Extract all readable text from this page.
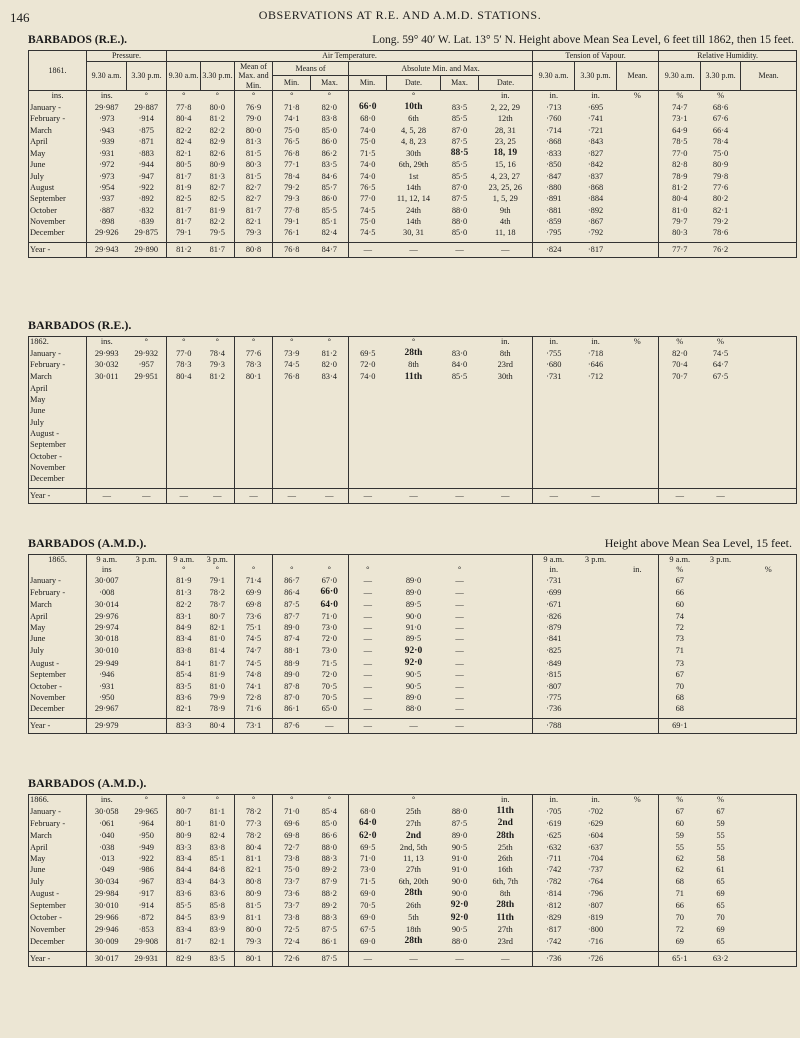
146	OBSERVATIONS AT R.E. AND A.M.D. STATIONS.
BARBADOS (R.E.).	Long. 59° 40′ W. Lat. 13° 5′ N. Height above Mean Sea Level, 6 feet till 1862, then 15 feet.
1861.	Pressure.		Air Temperature.									Tension of Vapour.			Relative Humidity.		
	9.30 a.m.	3.30 p.m.	9.30 a.m.	3.30 p.m.	Mean of Max. and Min.	Means of		Absolute Min. and Max.				9.30 a.m.	3.30 p.m.	Mean.	9.30 a.m.	3.30 p.m.	Mean.
						Min.	Max.	Min.	Date.	Max.	Date.						
ins.	ins.	°	°	°	°	°	°		°		in.	in.	in.	%	%	%	
January -	29·987	29·887	77·8	80·0	76·9	71·8	82·0	66·0	10th	83·5	2, 22, 29	·713	·695		74·7	68·6	
February -	·973	·914	80·4	81·2	79·0	74·1	83·8	68·0	6th	85·5	12th	·760	·741		73·1	67·6	
March	·943	·875	82·2	82·2	80·0	75·0	85·0	74·0	4, 5, 28	87·0	28, 31	·714	·721		64·9	66·4	
April	·939	·871	82·4	82·9	81·3	76·5	86·0	75·0	4, 8, 23	87·5	23, 25	·868	·843		78·5	78·4	
May	·931	·883	82·1	82·6	81·5	76·8	86·2	71·5	30th	88·5	18, 19	·833	·827		77·0	75·0	
June	·972	·944	80·5	80·9	80·3	77·1	83·5	74·0	6th, 29th	85·5	15, 16	·850	·842		82·8	80·9	
July	·973	·947	81·7	81·3	81·5	78·4	84·6	74·0	1st	85·5	4, 23, 27	·847	·837		78·9	79·8	
August	·954	·922	81·9	82·7	82·7	79·2	85·7	76·5	14th	87·0	23, 25, 26	·880	·868		81·2	77·6	
September	·937	·892	82·5	82·5	82·7	79·3	86·0	77·0	11, 12, 14	87·5	1, 5, 29	·891	·884		80·4	80·2	
October	·887	·832	81·7	81·9	81·7	77·8	85·5	74·5	24th	88·0	9th	·881	·892		81·0	82·1	
November	·898	·839	81·7	82·2	82·1	79·1	85·1	75·0	14th	88·0	4th	·859	·867		79·7	79·2	
December	29·926	29·875	79·1	79·5	79·3	76·1	82·4	74·5	30, 31	85·0	11, 18	·795	·792		80·3	78·6	

Year -	29·943	29·890	81·2	81·7	80·8	76·8	84·7	—	—	—	—	·824	·817		77·7	76·2	
BARBADOS (R.E.).
1862.	ins.	°	°	°	°	°	°		°		in.	in.	in.	%	%	%	
January -	29·993	29·932	77·0	78·4	77·6	73·9	81·2	69·5	28th	83·0	8th	·755	·718		82·0	74·5	
February -	30·032	·957	78·3	79·3	78·3	74·5	82·0	72·0	8th	84·0	23rd	·680	·646		70·4	64·7	
March	30·011	29·951	80·4	81·2	80·1	76·8	83·4	74·0	11th	85·5	30th	·731	·712		70·7	67·5	
April																	
May																	
June																	
July																	
August -																	
September																	
October -																	
November																	
December																	

Year -	—	—	—	—	—	—	—	—	—	—	—	—	—		—	—	
BARBADOS (A.M.D.).	Height above Mean Sea Level, 15 feet.
1865.	9 a.m.	3 p.m.	9 a.m.	3 p.m.								9 a.m.	3 p.m.		9 a.m.	3 p.m.	
	ins		°	°	°	°	°	°		°		in.		in.	%		%
January -	30·007		81·9	79·1	71·4	86·7	67·0	—	89·0	—		·731			67		
February -	·008		81·3	78·2	69·9	86·4	66·0	—	89·0	—		·699			66		
March	30·014		82·2	78·7	69·8	87·5	64·0	—	89·5	—		·671			60		
April	29·976		83·1	80·7	73·6	87·7	71·0	—	90·0	—		·826			74		
May	29·974		84·9	82·1	75·1	89·0	73·0	—	91·0	—		·879			72		
June	30·018		83·4	81·0	74·5	87·4	72·0	—	89·5	—		·841			73		
July	30·010		83·8	81·4	74·7	88·1	73·0	—	92·0	—		·825			71		
August -	29·949		84·1	81·7	74·5	88·9	71·5	—	92·0	—		·849			73		
September	·946		85·4	81·9	74·8	89·0	72·0	—	90·5	—		·815			67		
October -	·931		83·5	81·0	74·1	87·8	70·5	—	90·5	—		·807			70		
November	·950		83·6	79·9	72·8	87·0	70·5	—	89·0	—		·775			68		
December	29·967		82·1	78·9	71·6	86·1	65·0	—	88·0	—		·736			68		

Year -	29·979		83·3	80·4	73·1	87·6	—	—	—	—		·788			69·1		
BARBADOS (A.M.D.).
1866.	ins.	°	°	°	°	°	°		°		in.	in.	in.	%	%	%	
January -	30·058	29·965	80·7	81·1	78·2	71·0	85·4	68·0	25th	88·0	11th	·705	·702		67	67	
February -	·061	·964	80·1	81·0	77·3	69·6	85·0	64·0	27th	87·5	2nd	·619	·629		60	59	
March	·040	·950	80·9	82·4	78·2	69·8	86·6	62·0	2nd	89·0	28th	·625	·604		59	55	
April	·038	·949	83·3	83·8	80·4	72·7	88·0	69·5	2nd, 5th	90·5	25th	·632	·637		55	55	
May	·013	·922	83·4	85·1	81·1	73·8	88·3	71·0	11, 13	91·0	26th	·711	·704		62	58	
June	·049	·986	84·4	84·8	82·1	75·0	89·2	73·0	27th	91·0	16th	·742	·737		62	61	
July	30·034	·967	83·4	84·3	80·8	73·7	87·9	71·5	6th, 20th	90·0	6th, 7th	·782	·764		68	65	
August -	29·984	·917	83·6	83·6	80·9	73·6	88·2	69·0	28th	90·0	8th	·814	·796		71	69	
September	30·010	·914	85·5	85·8	81·5	73·7	89·2	70·5	26th	92·0	28th	·812	·807		66	65	
October -	29·966	·872	84·5	83·9	81·1	73·8	88·3	69·0	5th	92·0	11th	·829	·819		70	70	
November	29·946	·853	83·4	83·9	80·0	72·5	87·5	67·5	18th	90·5	27th	·817	·800		72	69	
December	30·009	29·908	81·7	82·1	79·3	72·4	86·1	69·0	28th	88·0	23rd	·742	·716		69	65	

Year -	30·017	29·931	82·9	83·5	80·1	72·6	87·5	—	—	—	—	·736	·726		65·1	63·2	
